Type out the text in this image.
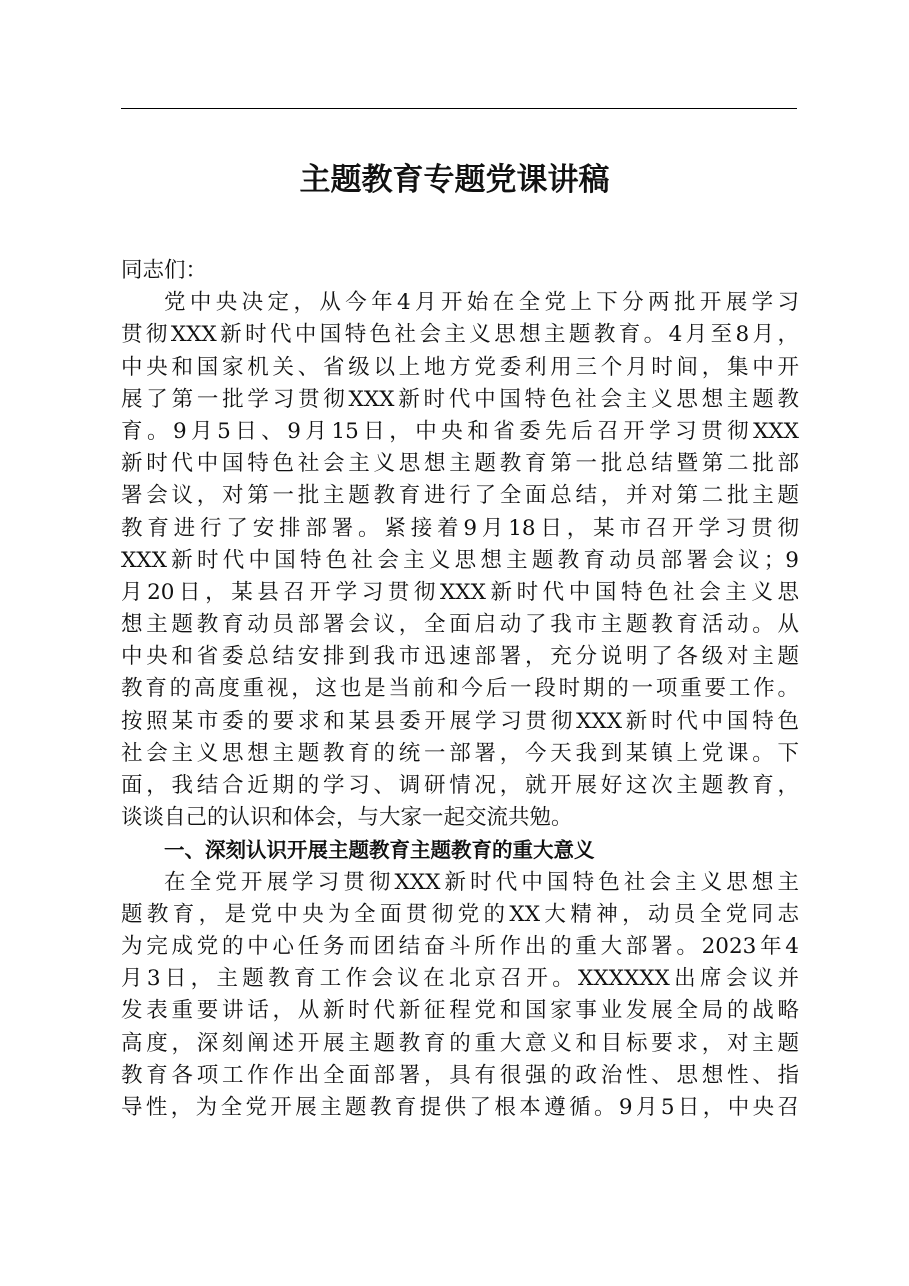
主题教育专题党课讲稿
同志们：
党中央决定，从今年4月开始在全党上下分两批开展学习
贯彻XXX新时代中国特色社会主义思想主题教育。4月至8月，
中央和国家机关、省级以上地方党委利用三个月时间，集中开
展了第一批学习贯彻XXX新时代中国特色社会主义思想主题教
育。9月5日、9月15日，中央和省委先后召开学习贯彻XXX
新时代中国特色社会主义思想主题教育第一批总结暨第二批部
署会议，对第一批主题教育进行了全面总结，并对第二批主题
教育进行了安排部署。紧接着9月18日，某市召开学习贯彻
XXX新时代中国特色社会主义思想主题教育动员部署会议；9
月20日，某县召开学习贯彻XXX新时代中国特色社会主义思
想主题教育动员部署会议，全面启动了我市主题教育活动。从
中央和省委总结安排到我市迅速部署，充分说明了各级对主题
教育的高度重视，这也是当前和今后一段时期的一项重要工作。
按照某市委的要求和某县委开展学习贯彻XXX新时代中国特色
社会主义思想主题教育的统一部署，今天我到某镇上党课。下
面，我结合近期的学习、调研情况，就开展好这次主题教育，
谈谈自己的认识和体会，与大家一起交流共勉。
一、深刻认识开展主题教育主题教育的重大意义
在全党开展学习贯彻XXX新时代中国特色社会主义思想主
题教育，是党中央为全面贯彻党的XX大精神，动员全党同志
为完成党的中心任务而团结奋斗所作出的重大部署。2023年4
月3日，主题教育工作会议在北京召开。XXXXXX出席会议并
发表重要讲话，从新时代新征程党和国家事业发展全局的战略
高度，深刻阐述开展主题教育的重大意义和目标要求，对主题
教育各项工作作出全面部署，具有很强的政治性、思想性、指
导性，为全党开展主题教育提供了根本遵循。9月5日，中央召
